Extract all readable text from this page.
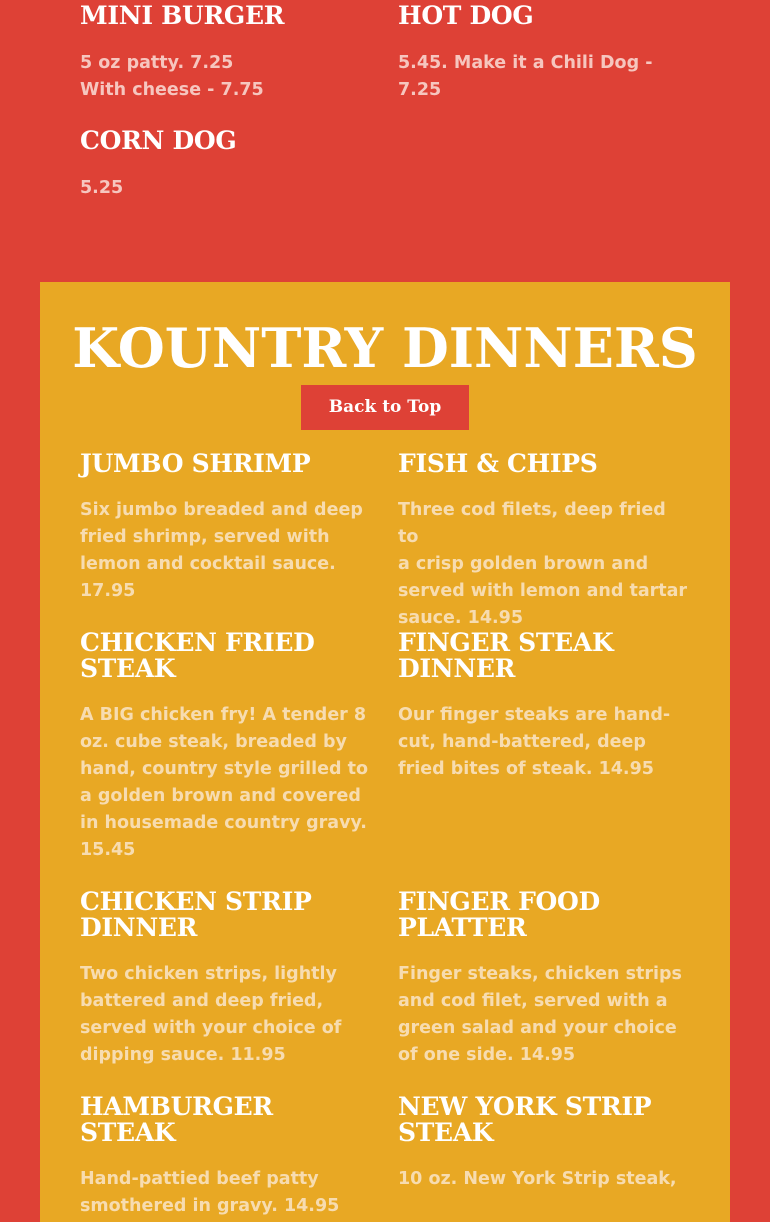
MINI BURGER

5 oz patty. 7.25
With cheese - 7.75

HOT DOG

5.45. Make it a Chili Dog -
7.25

CORN DOG

5.25

KOUNTRY DINNERS
Back to Top
JUMBO SHRIMP

Six jumbo breaded and deep
fried shrimp, served with
lemon and cocktail sauce.
17.95

FISH & CHIPS

Three cod filets, deep fried to
a crisp golden brown and
served with lemon and tartar
sauce. 14.95

CHICKEN FRIED
STEAK

A BIG chicken fry! A tender 8
oz. cube steak, breaded by
hand, country style grilled to
a golden brown and covered
in housemade country gravy.
15.45

FINGER STEAK
DINNER

Our finger steaks are hand-
cut, hand-battered, deep
fried bites of steak. 14.95

CHICKEN STRIP
DINNER

Two chicken strips, lightly
battered and deep fried,
served with your choice of
dipping sauce. 11.95

FINGER FOOD
PLATTER

Finger steaks, chicken strips
and cod filet, served with a
green salad and your choice
of one side. 14.95

HAMBURGER STEAK

Hand-pattied beef patty
smothered in gravy. 14.95

NEW YORK STRIP
STEAK

10 oz. New York Strip steak,
